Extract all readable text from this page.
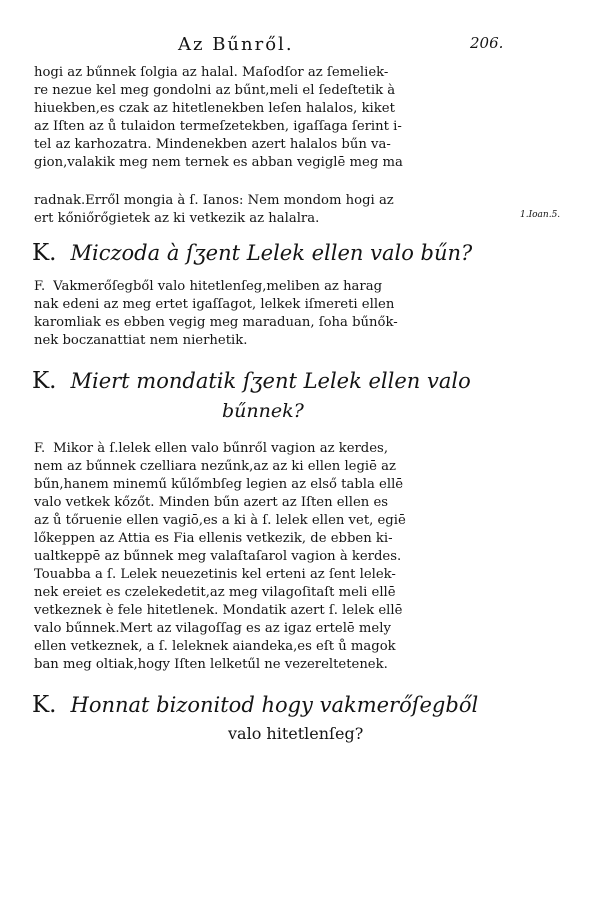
Az Bűnről.	206.
hogi az bűnnek ſolgia az halal. Maſodſor az ſemeliek-
re nezue kel meg gondolni az bűnt,meli el ſedeſtetik à
hiuekben,es czak az hitetlenekben leſen halalos, kiket
az Iſten az ů tulaidon termeſzetekben, igaſſaga ſerint i-
tel az karhozatra. Mindenekben azert halalos bűn va-
gion,valakik meg nem ternek es abban vegiglē meg ma
radnak.Erről mongia à ſ. Ianos: Nem mondom hogi az
ert kőniőrőgietek az ki vetkezik az halalra.	1.Ioan.5.
K. Miczoda à ſʒent Lelek ellen valo bűn?
F. Vakmerőſegből valo hitetlenſeg,meliben az harag
nak edeni az meg ertet igaſſagot, lelkek iſmereti ellen
karomliak es ebben vegig meg maraduan, ſoha bűnők-
nek boczanattiat nem nierhetik.
K. Miert mondatik ſʒent Lelek ellen valo
bűnnek?
F. Mikor à ſ.lelek ellen valo bűnről vagion az kerdes,
nem az bűnnek czelliara nezűnk,az az ki ellen legiē az
bűn,hanem minemű kűlőmbſeg legien az első tabla ellē
valo vetkek kőzőt. Minden bűn azert az Iſten ellen es
az ů tőruenie ellen vagiō,es a ki à ſ. lelek ellen vet, egiē
lőkeppen az Attia es Fia ellenis vetkezik, de ebben ki-
ualtkeppē az bűnnek meg valaſtaſarol vagion à kerdes.
Touabba a ſ. Lelek neuezetinis kel erteni az ſent lelek-
nek ereiet es czelekedetit,az meg vilagoſitaſt meli ellē
vetkeznek è fele hitetlenek. Mondatik azert ſ. lelek ellē
valo bűnnek.Mert az vilagoſſag es az igaz ertelē mely
ellen vetkeznek, a ſ. leleknek aiandeka,es eſt ů magok
ban meg oltiak,hogy Iſten lelketűl ne vezereltetenek.
K. Honnat bizonitod hogy vakmerőſegből
valo hitetlenſeg?
